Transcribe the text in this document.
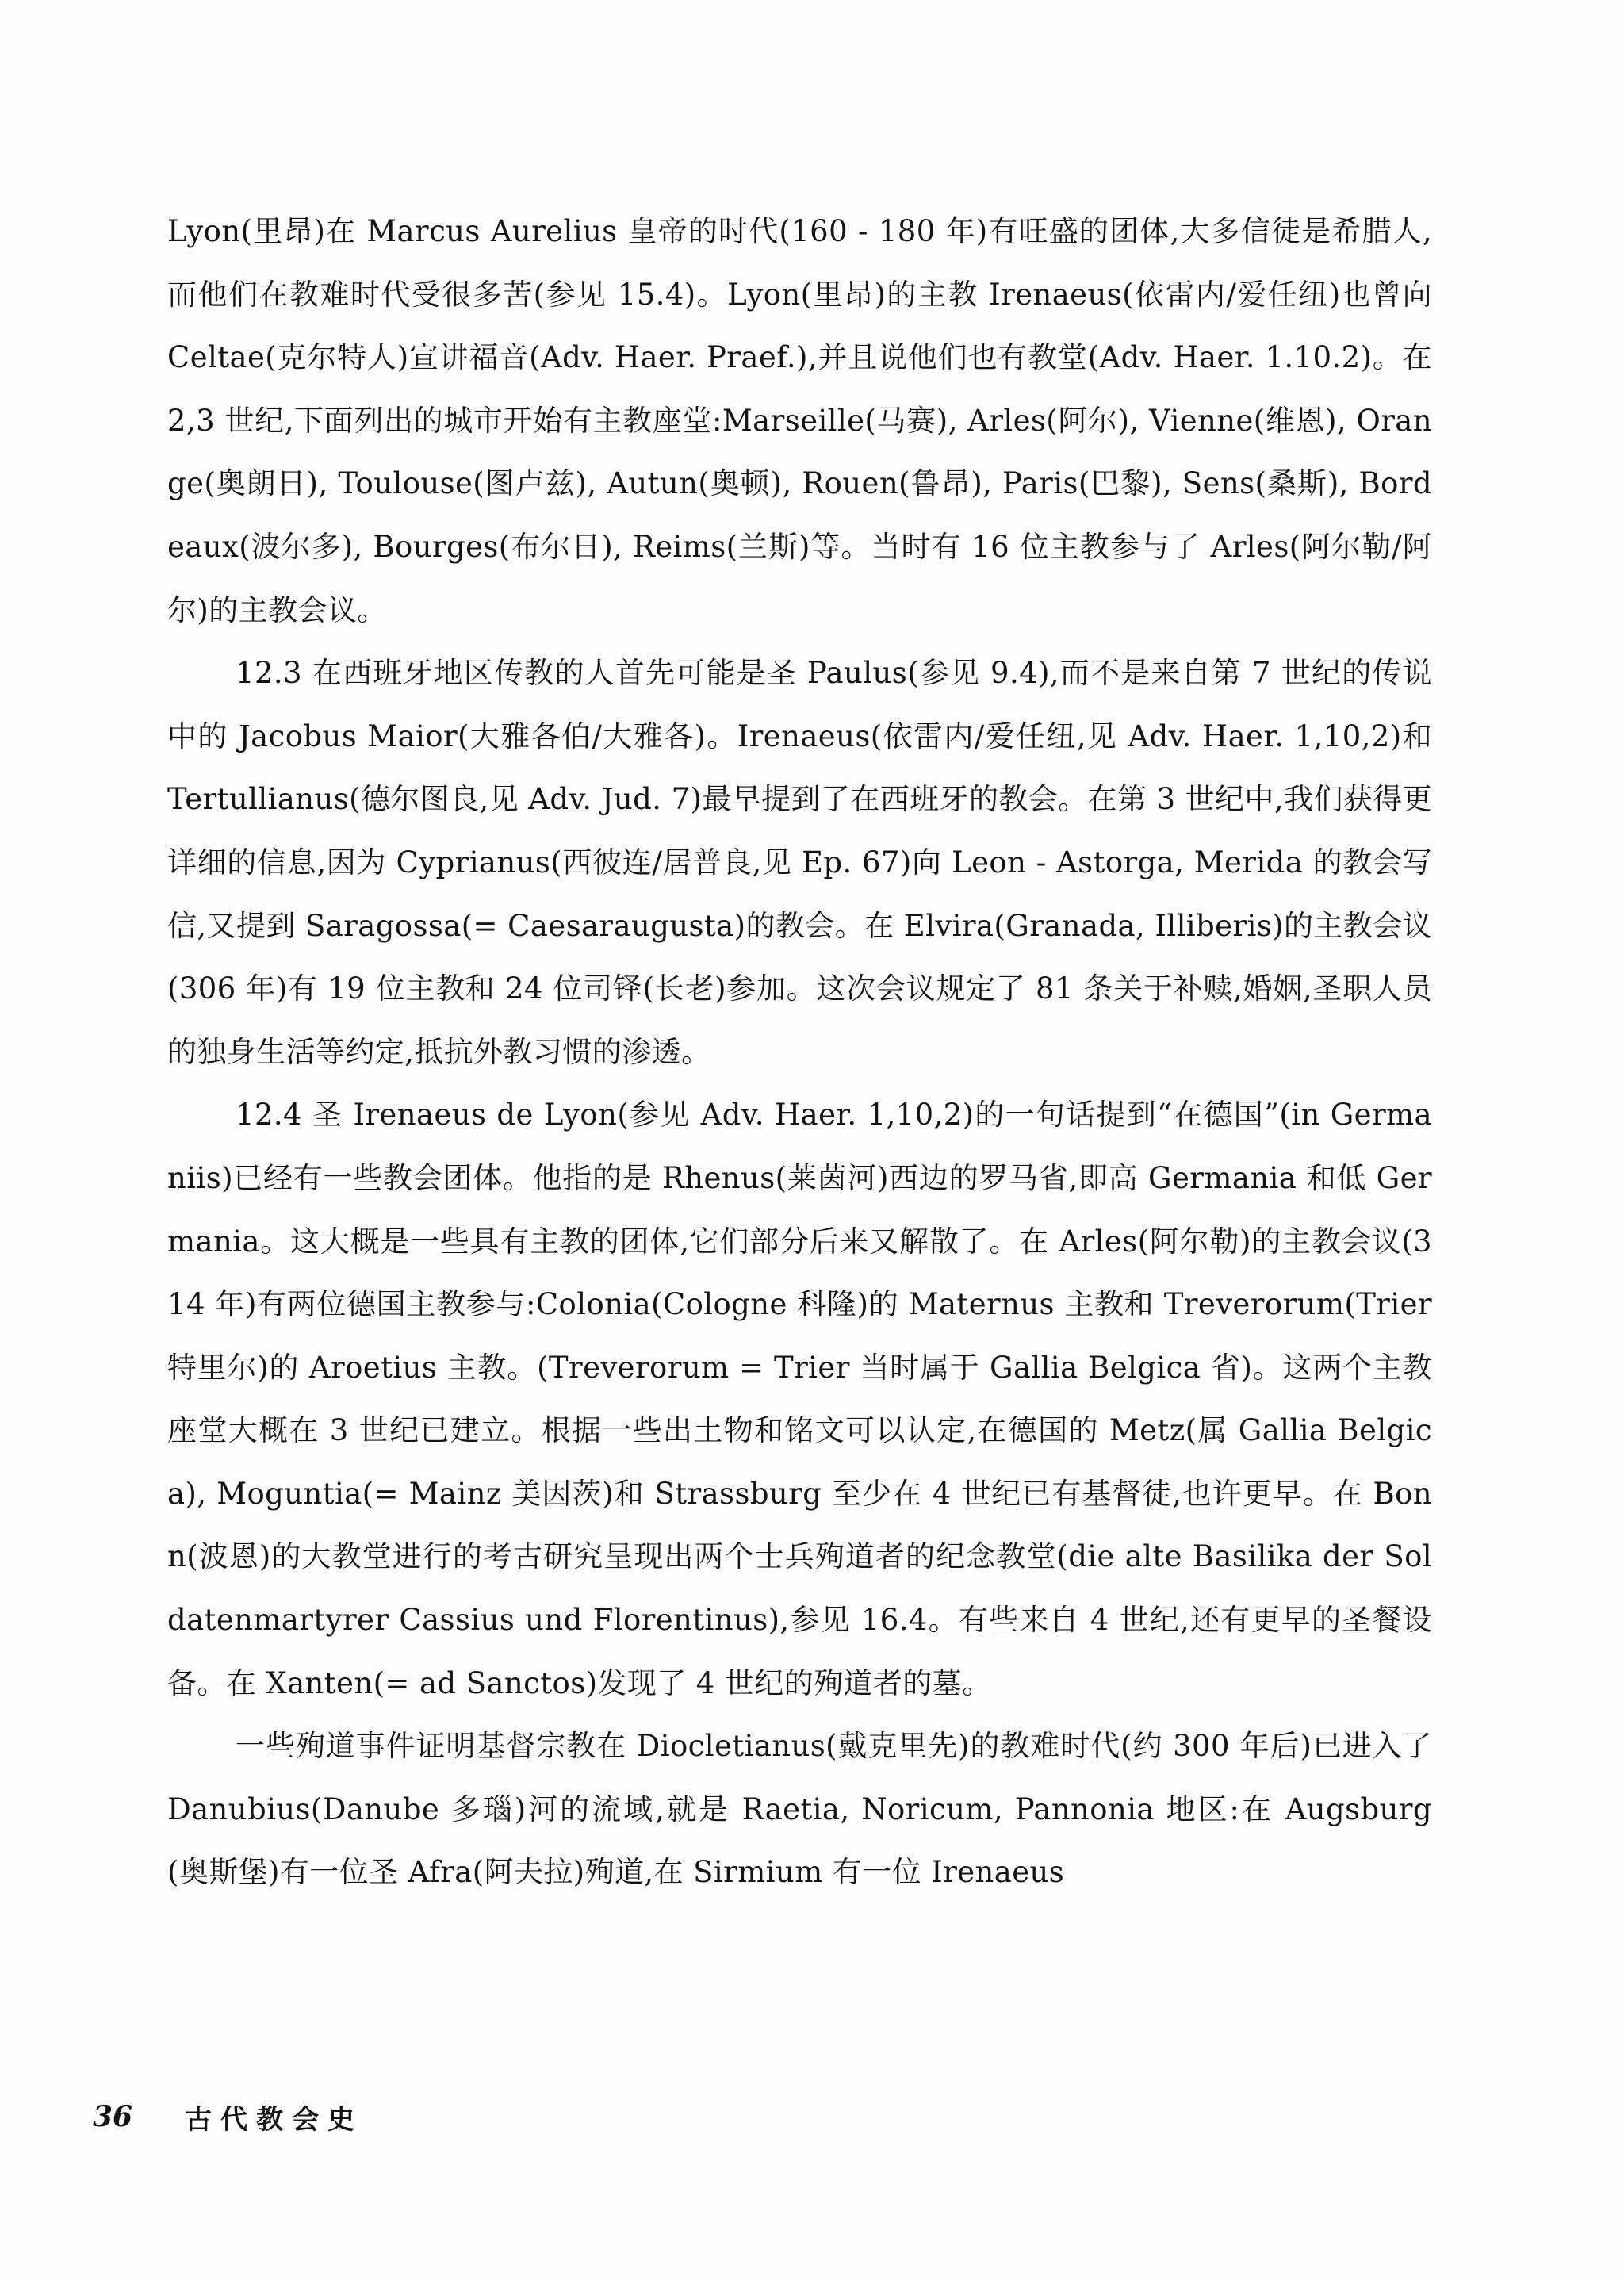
Lyon(里昂)在 Marcus Aurelius 皇帝的时代(160 - 180 年)有旺盛的团体,大多信徒是希腊人,而他们在教难时代受很多苦(参见 15.4)。Lyon(里昂)的主教 Irenaeus(依雷内/爱任纽)也曾向 Celtae(克尔特人)宣讲福音(Adv. Haer. Praef.),并且说他们也有教堂(Adv. Haer. 1.10.2)。在 2,3 世纪,下面列出的城市开始有主教座堂:Marseille(马赛), Arles(阿尔), Vienne(维恩), Orange(奥朗日), Toulouse(图卢兹), Autun(奥顿), Rouen(鲁昂), Paris(巴黎), Sens(桑斯), Bordeaux(波尔多), Bourges(布尔日), Reims(兰斯)等。当时有 16 位主教参与了 Arles(阿尔勒/阿尔)的主教会议。

12.3 在西班牙地区传教的人首先可能是圣 Paulus(参见 9.4),而不是来自第 7 世纪的传说中的 Jacobus Maior(大雅各伯/大雅各)。Irenaeus(依雷内/爱任纽,见 Adv. Haer. 1,10,2)和 Tertullianus(德尔图良,见 Adv. Jud. 7)最早提到了在西班牙的教会。在第 3 世纪中,我们获得更详细的信息,因为 Cyprianus(西彼连/居普良,见 Ep. 67)向 Leon - Astorga, Merida 的教会写信,又提到 Saragossa(= Caesaraugusta)的教会。在 Elvira(Granada, Illiberis)的主教会议(306 年)有 19 位主教和 24 位司铎(长老)参加。这次会议规定了 81 条关于补赎,婚姻,圣职人员的独身生活等约定,抵抗外教习惯的渗透。

12.4 圣 Irenaeus de Lyon(参见 Adv. Haer. 1,10,2)的一句话提到“在德国”(in Germaniis)已经有一些教会团体。他指的是 Rhenus(莱茵河)西边的罗马省,即高 Germania 和低 Germania。这大概是一些具有主教的团体,它们部分后来又解散了。在 Arles(阿尔勒)的主教会议(314 年)有两位德国主教参与:Colonia(Cologne 科隆)的 Maternus 主教和 Treverorum(Trier 特里尔)的 Aroetius 主教。(Treverorum = Trier 当时属于 Gallia Belgica 省)。这两个主教座堂大概在 3 世纪已建立。根据一些出土物和铭文可以认定,在德国的 Metz(属 Gallia Belgica), Moguntia(= Mainz 美因茨)和 Strassburg 至少在 4 世纪已有基督徒,也许更早。在 Bonn(波恩)的大教堂进行的考古研究呈现出两个士兵殉道者的纪念教堂(die alte Basilika der Soldatenmartyrer Cassius und Florentinus),参见 16.4。有些来自 4 世纪,还有更早的圣餐设备。在 Xanten(= ad Sanctos)发现了 4 世纪的殉道者的墓。

一些殉道事件证明基督宗教在 Diocletianus(戴克里先)的教难时代(约 300 年后)已进入了 Danubius(Danube 多瑙)河的流域,就是 Raetia, Noricum, Pannonia 地区:在 Augsburg(奥斯堡)有一位圣 Afra(阿夫拉)殉道,在 Sirmium 有一位 Irenaeus

36 古代教会史
